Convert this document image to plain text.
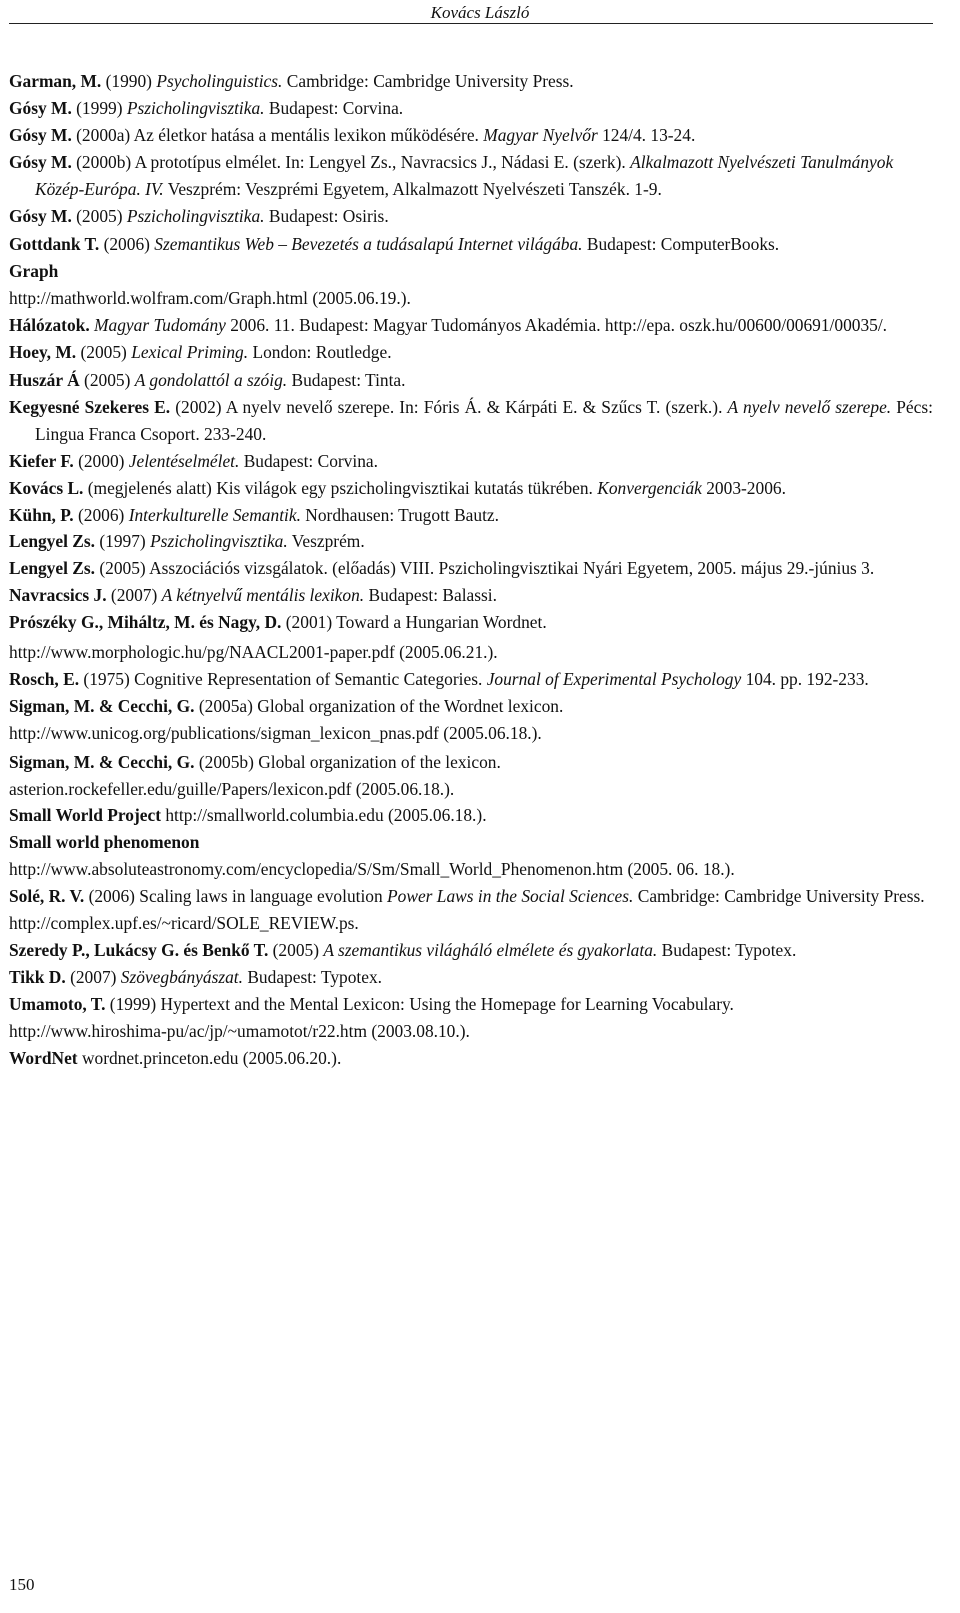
Kovács László

Garman, M. (1990) Psycholinguistics. Cambridge: Cambridge University Press.

Gósy M. (1999) Pszicholingvisztika. Budapest: Corvina.

Gósy M. (2000a) Az életkor hatása a mentális lexikon működésére. Magyar Nyelvőr 124/4. 13-24.

Gósy M. (2000b) A prototípus elmélet. In: Lengyel Zs., Navracsics J., Nádasi E. (szerk). Alkalmazott Nyelvészeti Tanulmányok Közép-Európa. IV. Veszprém: Veszprémi Egyetem, Alkalmazott Nyelvészeti Tanszék. 1-9.

Gósy M. (2005) Pszicholingvisztika. Budapest: Osiris.

Gottdank T. (2006) Szemantikus Web – Bevezetés a tudásalapú Internet világába. Budapest: ComputerBooks.

Graph

http://mathworld.wolfram.com/Graph.html (2005.06.19.).

Hálózatok. Magyar Tudomány 2006. 11. Budapest: Magyar Tudományos Akadémia. http://epa. oszk.hu/00600/00691/00035/.

Hoey, M. (2005) Lexical Priming. London: Routledge.

Huszár Á (2005) A gondolattól a szóig. Budapest: Tinta.

Kegyesné Szekeres E. (2002) A nyelv nevelő szerepe. In: Fóris Á. & Kárpáti E. & Szűcs T. (szerk.). A nyelv nevelő szerepe. Pécs: Lingua Franca Csoport. 233-240.

Kiefer F. (2000) Jelentéselmélet. Budapest: Corvina.

Kovács L. (megjelenés alatt) Kis világok egy pszicholingvisztikai kutatás tükrében. Konvergenciák 2003-2006.

Kühn, P. (2006) Interkulturelle Semantik. Nordhausen: Trugott Bautz.

Lengyel Zs. (1997) Pszicholingvisztika. Veszprém.

Lengyel Zs. (2005) Asszociációs vizsgálatok. (előadás) VIII. Pszicholingvisztikai Nyári Egyetem, 2005. május 29.-június 3.

Navracsics J. (2007) A kétnyelvű mentális lexikon. Budapest: Balassi.

Prószéky G., Miháltz, M. és Nagy, D. (2001) Toward a Hungarian Wordnet.

http://www.morphologic.hu/pg/NAACL2001-paper.pdf (2005.06.21.).

Rosch, E. (1975) Cognitive Representation of Semantic Categories. Journal of Experimental Psychology 104. pp. 192-233.

Sigman, M. & Cecchi, G. (2005a) Global organization of the Wordnet lexicon.

http://www.unicog.org/publications/sigman_lexicon_pnas.pdf (2005.06.18.).

Sigman, M. & Cecchi, G. (2005b) Global organization of the lexicon.

asterion.rockefeller.edu/guille/Papers/lexicon.pdf (2005.06.18.).

Small World Project http://smallworld.columbia.edu (2005.06.18.).

Small world phenomenon

http://www.absoluteastronomy.com/encyclopedia/S/Sm/Small_World_Phenomenon.htm (2005. 06. 18.).

Solé, R. V. (2006) Scaling laws in language evolution Power Laws in the Social Sciences. Cambridge: Cambridge University Press.

http://complex.upf.es/~ricard/SOLE_REVIEW.ps.

Szeredy P., Lukácsy G. és Benkő T. (2005) A szemantikus világháló elmélete és gyakorlata. Budapest: Typotex.

Tikk D. (2007) Szövegbányászat. Budapest: Typotex.

Umamoto, T. (1999) Hypertext and the Mental Lexicon: Using the Homepage for Learning Vocabulary.

http://www.hiroshima-pu/ac/jp/~umamotot/r22.htm (2003.08.10.).

WordNet wordnet.princeton.edu (2005.06.20.).

150
